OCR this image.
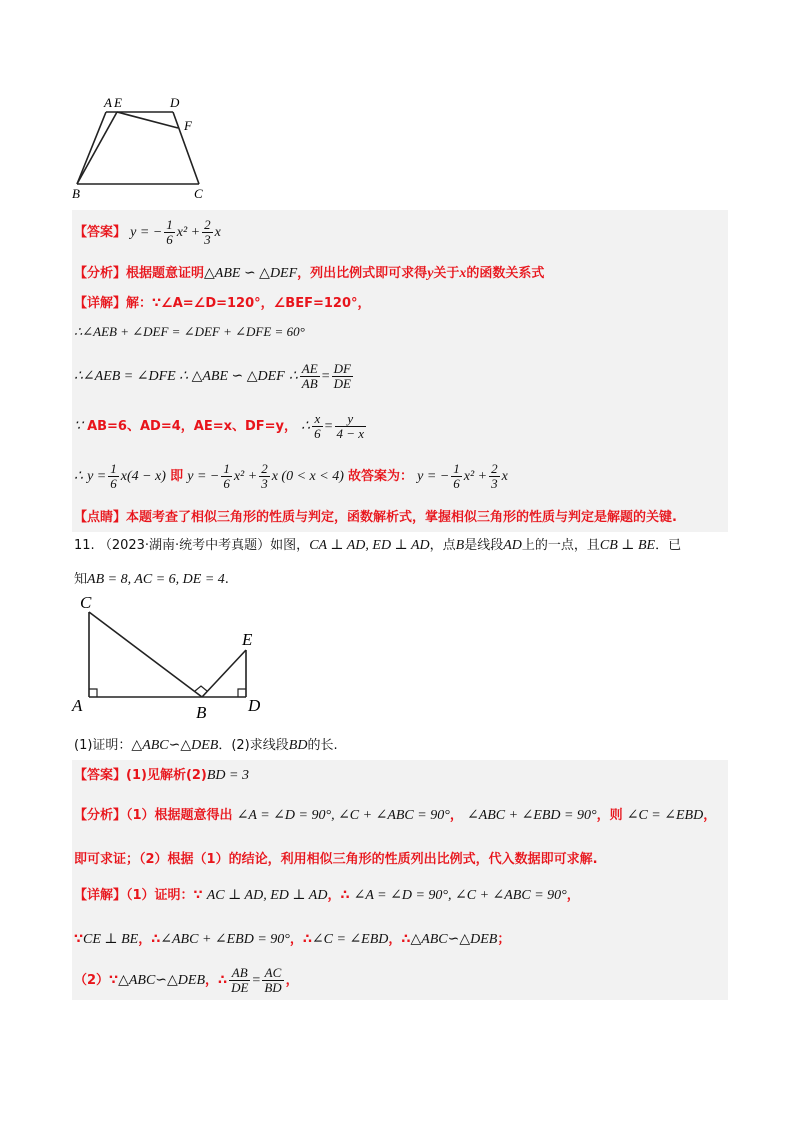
A E	D
F
B	C
【答案】 y = − $\frac{1}{6} x^2 + \frac{2}{3}$ x
【分析】根据题意证明△ABE ∽ △DEF，列出比例式即可求得y关于x的函数关系式
【详解】解：∵∠A=∠D=120°，∠BEF=120°，
∴∠AEB + ∠DEF = ∠DEF + ∠DFE = 60°
∴∠AEB = ∠DFE ∴ △ABE ∽ △DEF ∴ $\frac{AE}{AB} = \frac{DF}{DE}$
∵ AB=6、AD=4，AE=x、DF=y， ∴ $\frac{x}{6} = \frac{y}{4 - x}$
∴ $y = \frac{1}{6} x(4 - x)$ 即 y = − $\frac{1}{6} x^2 + \frac{2}{3}$ x (0 < x < 4) 故答案为： y = − $\frac{1}{6} x^2 + \frac{2}{3}$ x
【点睛】本题考查了相似三角形的性质与判定，函数解析式，掌握相似三角形的性质与判定是解题的关键.
11. （2023·湖南·统考中考真题）如图，CA ⊥ AD, ED ⊥ AD，点B是线段AD上的一点，且CB ⊥ BE．已
知AB = 8, AC = 6, DE = 4.
C
E
A	B D
(1)证明：△ABC∽△DEB．(2)求线段BD的长.
【答案】(1)见解析(2)BD = 3
【分析】（1）根据题意得出 ∠A = ∠D = 90°, ∠C + ∠ABC = 90°， ∠ABC + ∠EBD = 90°，则 ∠C = ∠EBD，
即可求证；（2）根据（1）的结论，利用相似三角形的性质列出比例式，代入数据即可求解.
【详解】（1）证明：∵ AC ⊥ AD, ED ⊥ AD，∴ ∠A = ∠D = 90°, ∠C + ∠ABC = 90°，
∵CE ⊥ BE，∴∠ABC + ∠EBD = 90°，∴∠C = ∠EBD，∴△ABC∽△DEB；
（2）∵△ABC∽△DEB，∴ $\frac{AB}{DE} = \frac{AC}{BD}$ ，
